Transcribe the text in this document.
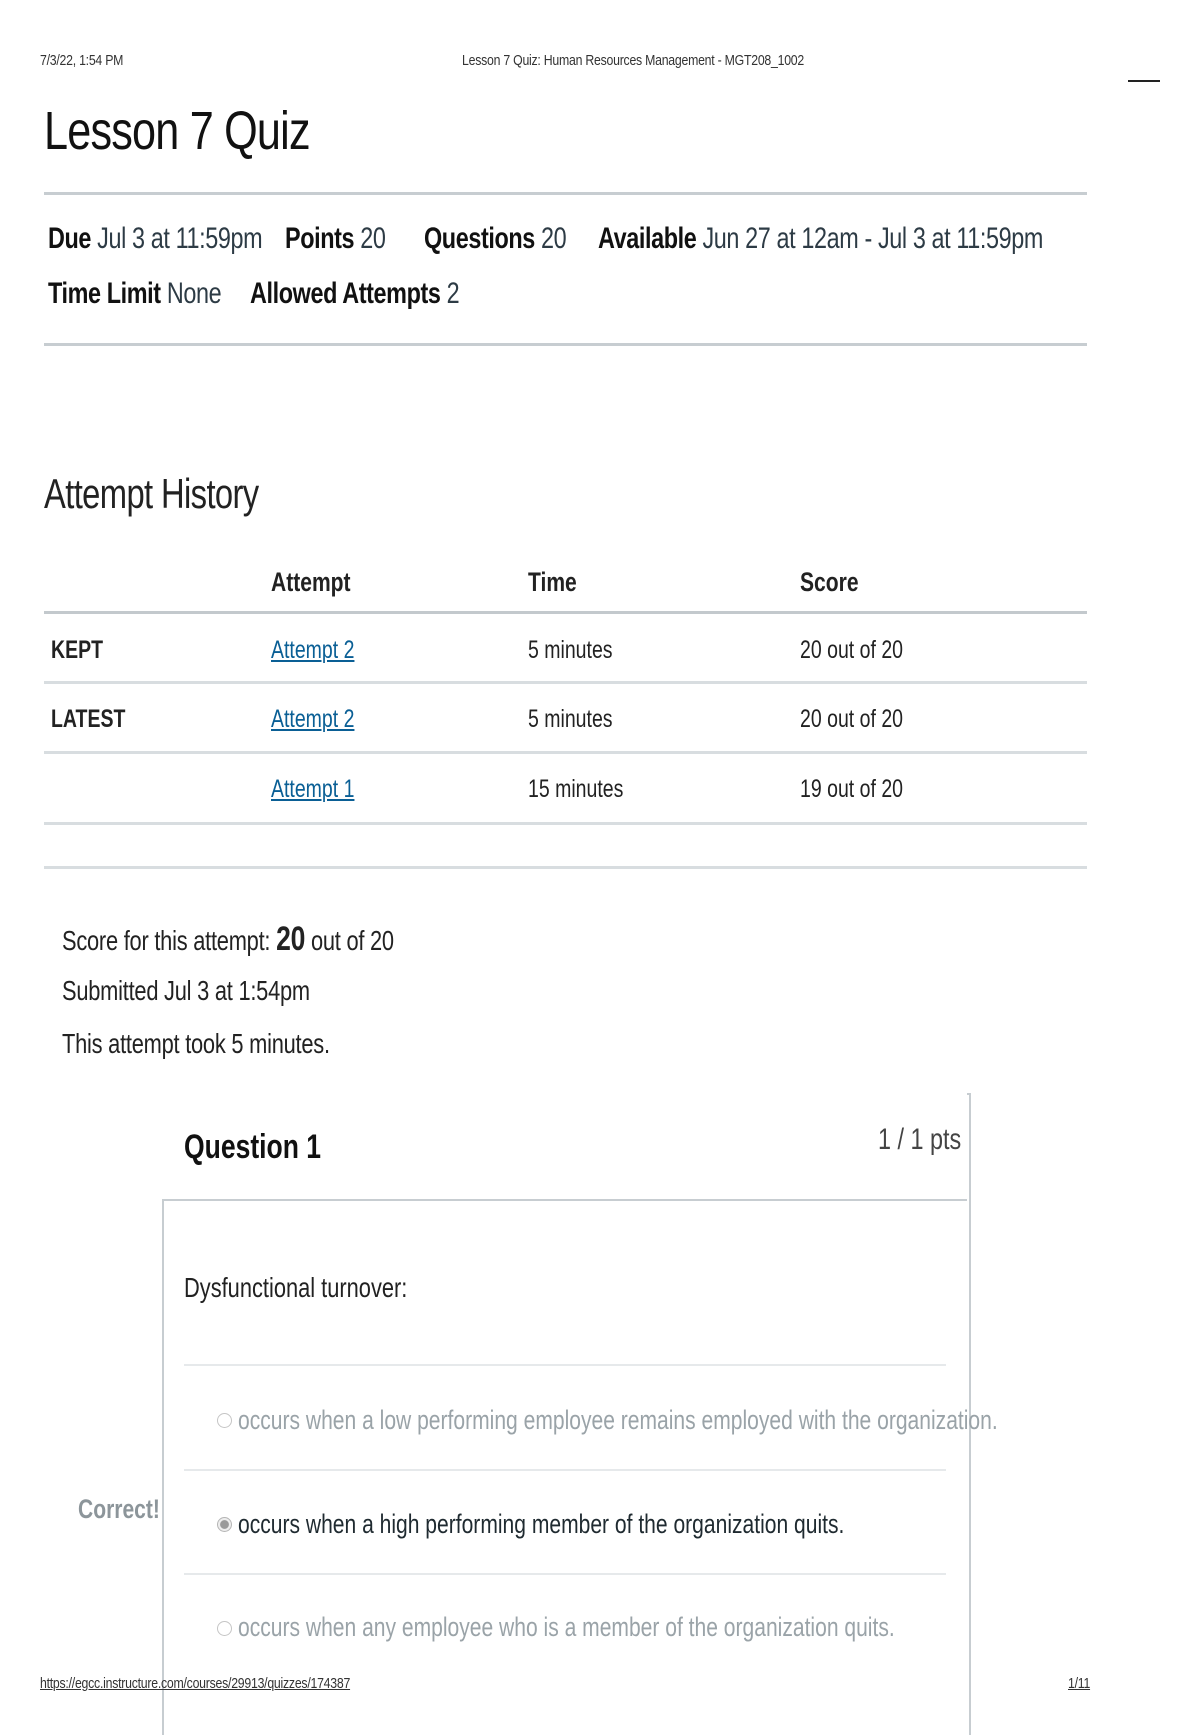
7/3/22, 1:54 PM	Lesson 7 Quiz: Human Resources Management - MGT208_1002
Lesson 7 Quiz
Due Jul 3 at 11:59pm Points 20 Questions 20 Available Jun 27 at 12am - Jul 3 at 11:59pm
Time Limit None Allowed Attempts 2
Attempt History
Attempt	Time	Score
KEPT	Attempt 2	5 minutes	20 out of 20
LATEST	Attempt 2	5 minutes	20 out of 20
Attempt 1	15 minutes	19 out of 20
Score for this attempt: 20 out of 20
Submitted Jul 3 at 1:54pm
This attempt took 5 minutes.
Question 1	1 / 1 pts
Dysfunctional turnover:
occurs when a low performing employee remains employed with the organization.
Correct!	occurs when a high performing member of the organization quits.
occurs when any employee who is a member of the organization quits.
https://egcc.instructure.com/courses/29913/quizzes/174387	1/11
